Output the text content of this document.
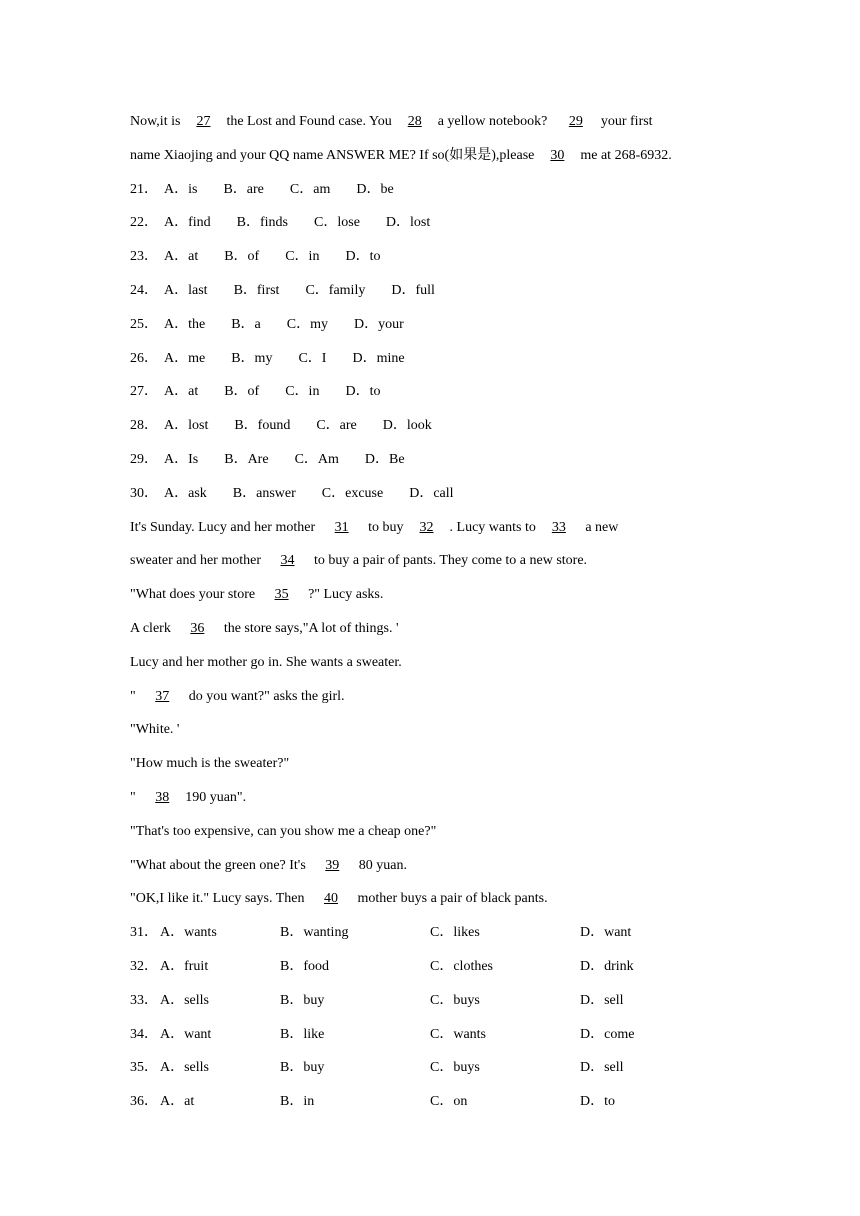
Now,it is 27 the Lost and Found case. You 28 a yellow notebook? 29 your first
name Xiaojing and your QQ name ANSWER ME? If so(如果是),please 30 me at 268-6932.
21． A．is B．are C．am D．be
22． A．find B．finds C．lose D．lost
23． A．at B．of C．in D．to
24． A．last B．first C．family D．full
25． A．the B．a C．my D．your
26． A．me B．my C．I D．mine
27． A．at B．of C．in D．to
28． A．lost B．found C．are D．look
29． A．Is B．Are C．Am D．Be
30． A．ask B．answer C．excuse D．call
It's Sunday. Lucy and her mother 31 to buy 32 . Lucy wants to 33 a new
sweater and her mother 34 to buy a pair of pants. They come to a new store.
"What does your store 35 ?" Lucy asks.
A clerk 36 the store says,"A lot of things. '
Lucy and her mother go in. She wants a sweater.
" 37 do you want?" asks the girl.
"White. '
"How much is the sweater?"
" 38 190 yuan".
"That's too expensive, can you show me a cheap one?"
"What about the green one? It's 39 80 yuan.
"OK,I like it." Lucy says. Then 40 mother buys a pair of black pants.
31． A．wants	B．wanting	C．likes	D．want
32． A．fruit	B．food	C．clothes	D．drink
33． A．sells	B．buy	C．buys	D．sell
34． A．want	B．like	C．wants	D．come
35． A．sells	B．buy	C．buys	D．sell
36． A．at	B．in	C．on	D．to
